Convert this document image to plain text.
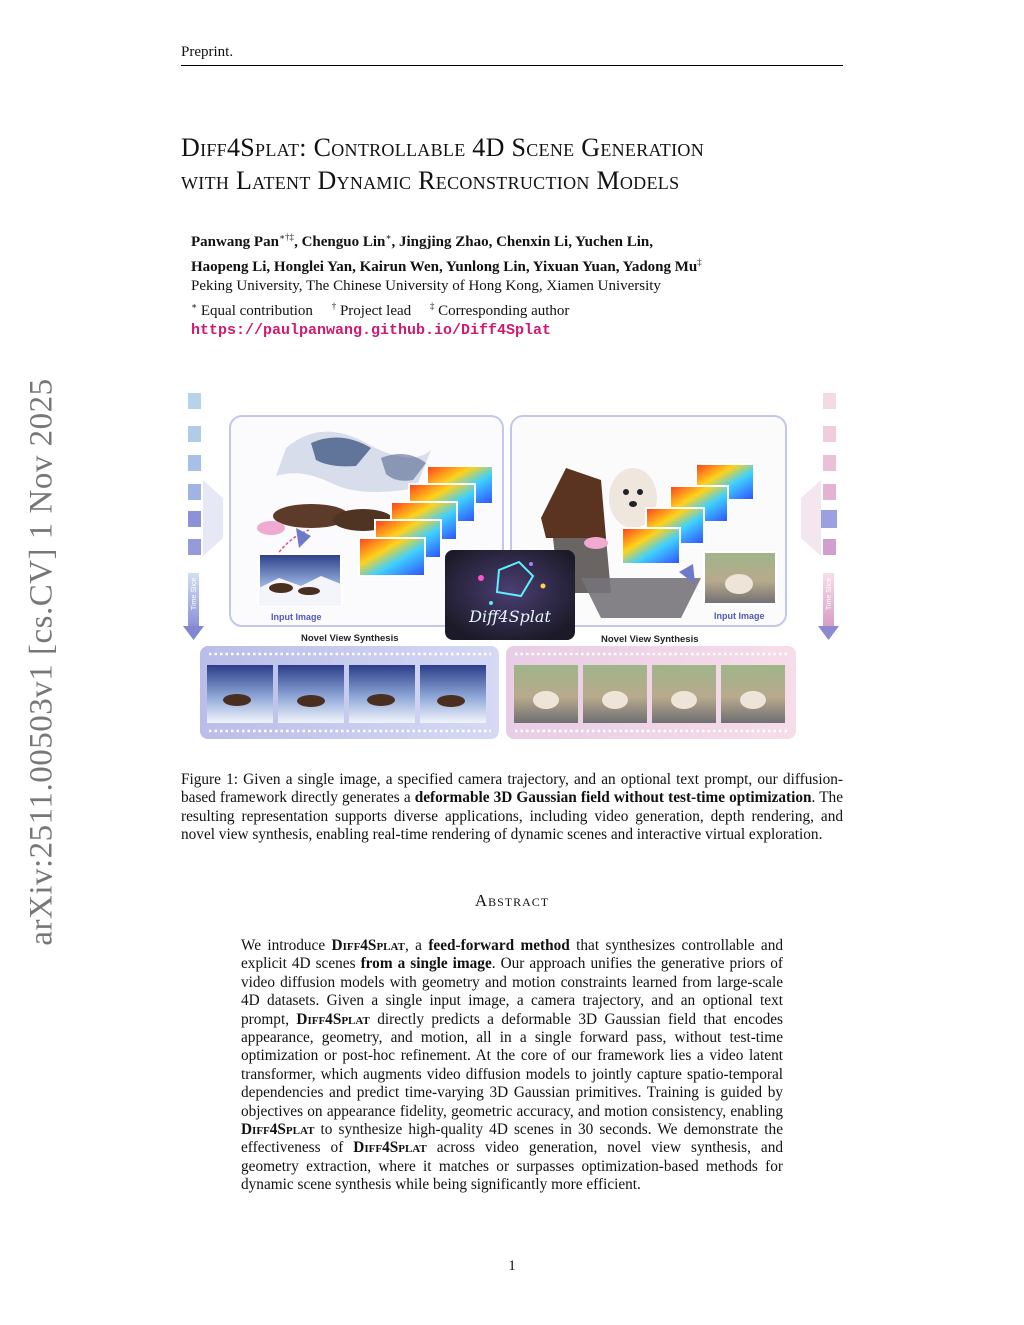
Preprint.
arXiv:2511.00503v1 [cs.CV] 1 Nov 2025
Diff4Splat: Controllable 4D Scene Generation
with Latent Dynamic Reconstruction Models
Panwang Pan∗†‡, Chenguo Lin∗, Jingjing Zhao, Chenxin Li, Yuchen Lin,
Haopeng Li, Honglei Yan, Kairun Wen, Yunlong Lin, Yixuan Yuan, Yadong Mu‡
Peking University, The Chinese University of Hong Kong, Xiamen University
∗ Equal contribution † Project lead ‡ Corresponding author
https://paulpanwang.github.io/Diff4Splat
Time Slice	Time Slice
Input Image	Input Image
Diff4Splat
Novel View Synthesis	Novel View Synthesis
Figure 1: Given a single image, a specified camera trajectory, and an optional text prompt, our diffusion-based framework directly generates a deformable 3D Gaussian field without test-time optimization. The resulting representation supports diverse applications, including video generation, depth rendering, and novel view synthesis, enabling real-time rendering of dynamic scenes and interactive virtual exploration.
Abstract
We introduce Diff4Splat, a feed-forward method that synthesizes controllable and explicit 4D scenes from a single image. Our approach unifies the generative priors of video diffusion models with geometry and motion constraints learned from large-scale 4D datasets. Given a single input image, a camera trajectory, and an optional text prompt, Diff4Splat directly predicts a deformable 3D Gaussian field that encodes appearance, geometry, and motion, all in a single forward pass, without test-time optimization or post-hoc refinement. At the core of our framework lies a video latent transformer, which augments video diffusion models to jointly capture spatio-temporal dependencies and predict time-varying 3D Gaussian primitives. Training is guided by objectives on appearance fidelity, geometric accuracy, and motion consistency, enabling Diff4Splat to synthesize high-quality 4D scenes in 30 seconds. We demonstrate the effectiveness of Diff4Splat across video generation, novel view synthesis, and geometry extraction, where it matches or surpasses optimization-based methods for dynamic scene synthesis while being significantly more efficient.
1
